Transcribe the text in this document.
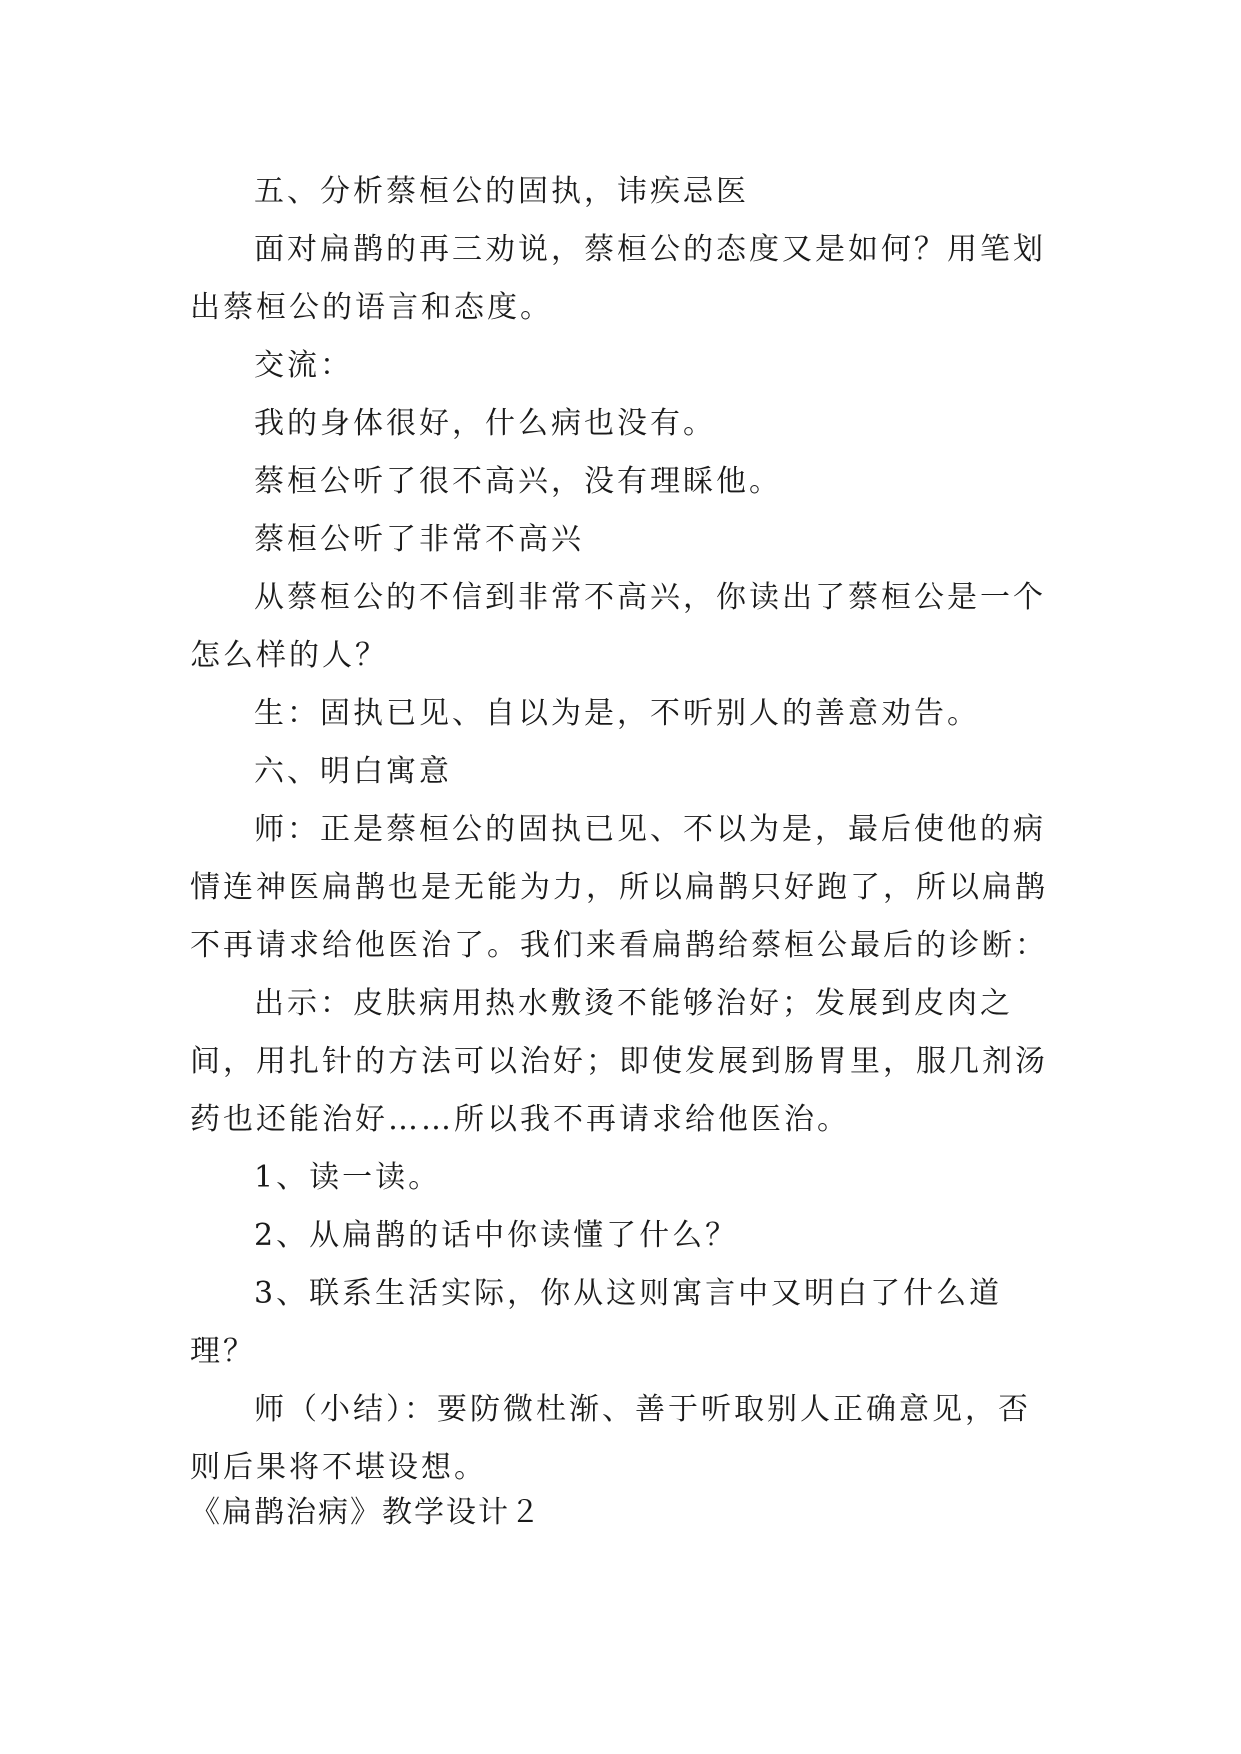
五、分析蔡桓公的固执，讳疾忌医

面对扁鹊的再三劝说，蔡桓公的态度又是如何？用笔划出蔡桓公的语言和态度。

交流：

我的身体很好，什么病也没有。

蔡桓公听了很不高兴，没有理睬他。

蔡桓公听了非常不高兴

从蔡桓公的不信到非常不高兴，你读出了蔡桓公是一个怎么样的人？

生：固执已见、自以为是，不听别人的善意劝告。

六、明白寓意

师：正是蔡桓公的固执已见、不以为是，最后使他的病情连神医扁鹊也是无能为力，所以扁鹊只好跑了，所以扁鹊不再请求给他医治了。我们来看扁鹊给蔡桓公最后的诊断：

出示：皮肤病用热水敷烫不能够治好；发展到皮肉之间，用扎针的方法可以治好；即使发展到肠胃里，服几剂汤药也还能治好……所以我不再请求给他医治。

1、读一读。

2、从扁鹊的话中你读懂了什么？

3、联系生活实际，你从这则寓言中又明白了什么道理？

师（小结）：要防微杜渐、善于听取别人正确意见，否则后果将不堪设想。

《扁鹊治病》教学设计２
